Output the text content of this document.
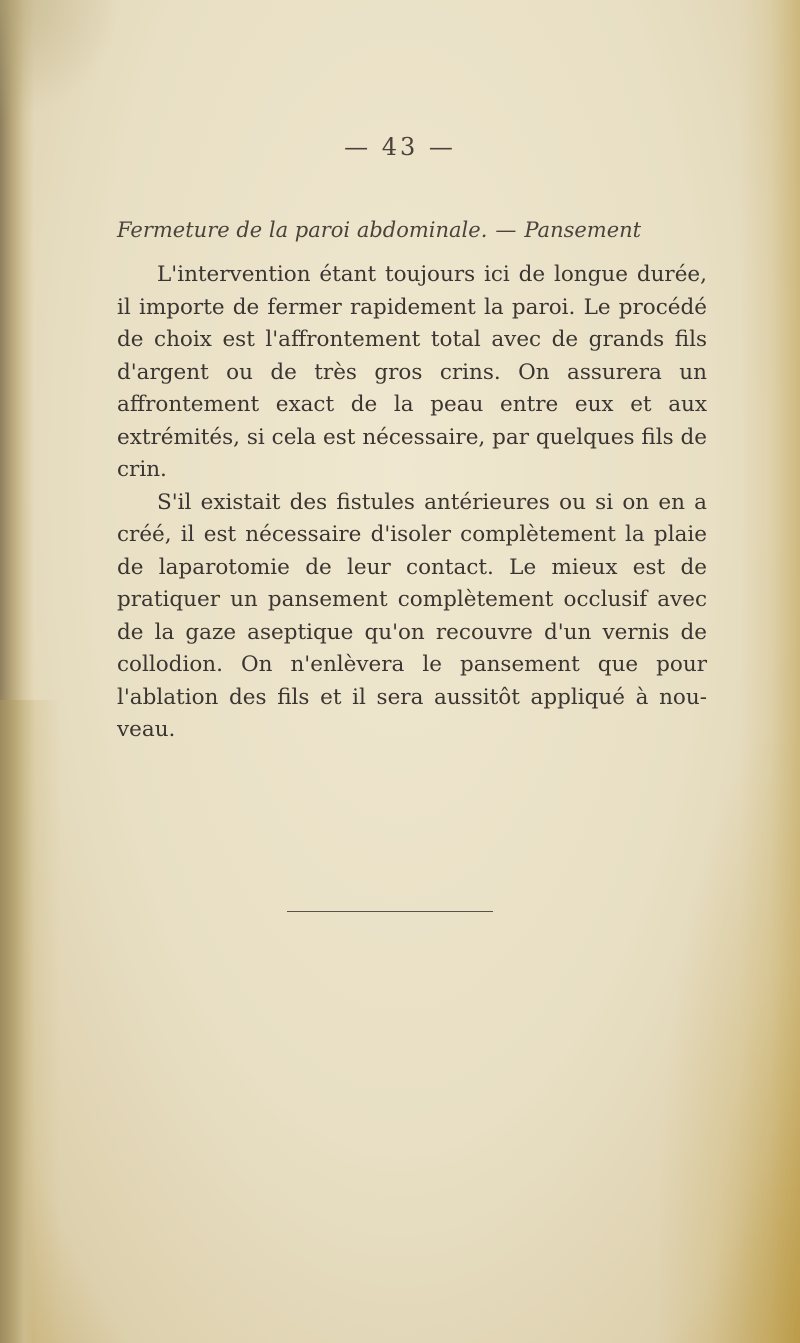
— 43 —
Fermeture de la paroi abdominale. — Pansement

L'intervention étant toujours ici de longue durée, il importe de fermer rapidement la paroi. Le procédé de choix est l'affrontement total avec de grands fils d'argent ou de très gros crins. On assurera un affrontement exact de la peau entre eux et aux extrémités, si cela est nécessaire, par quelques fils de crin.

S'il existait des fistules antérieures ou si on en a créé, il est nécessaire d'isoler complètement la plaie de laparotomie de leur contact. Le mieux est de pratiquer un pansement complètement occlusif avec de la gaze aseptique qu'on recouvre d'un vernis de collodion. On n'enlèvera le pansement que pour l'ablation des fils et il sera aussitôt appliqué à nouveau.
